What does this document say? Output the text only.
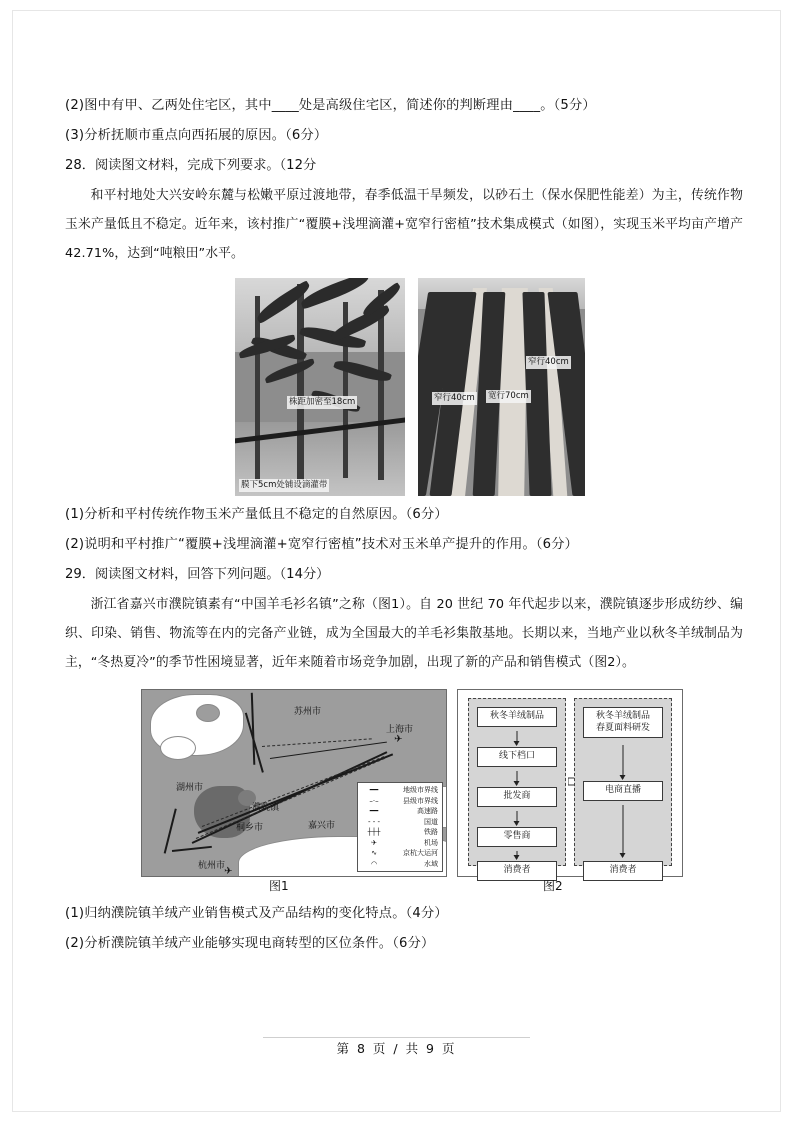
(2)图中有甲、乙两处住宅区，其中____处是高级住宅区，简述你的判断理由____。（5分）
(3)分析抚顺市重点向西拓展的原因。（6分）
28．阅读图文材料，完成下列要求。（12分

和平村地处大兴安岭东麓与松嫩平原过渡地带，春季低温干旱频发，以砂石土（保水保肥性能差）为主，传统作物玉米产量低且不稳定。近年来，该村推广“覆膜+浅埋滴灌+宽窄行密植”技术集成模式（如图），实现玉米平均亩产增产 42.71%，达到“吨粮田”水平。

株距加密至18cm
膜下5cm处铺设滴灌带
窄行40cm
窄行40cm 宽行70cm
(1)分析和平村传统作物玉米产量低且不稳定的自然原因。（6分）
(2)说明和平村推广“覆膜+浅埋滴灌+宽窄行密植”技术对玉米单产提升的作用。（6分）
29．阅读图文材料，回答下列问题。（14分）

浙江省嘉兴市濮院镇素有“中国羊毛衫名镇”之称（图1）。自 20 世纪 70 年代起步以来，濮院镇逐步形成纺纱、编织、印染、销售、物流等在内的完备产业链，成为全国最大的羊毛衫集散基地。长期以来，当地产业以秋冬羊绒制品为主，“冬热夏冷”的季节性困境显著，近年来随着市场竞争加剧，出现了新的产品和销售模式（图2）。

苏州市
上海市
湖州市
濮院镇
桐乡市	嘉兴市
杭州市
✈
✈
━━	地级市界线
–·–	县级市界线
━━	高速路
- - -	国道
┼┼┼	铁路
✈	机场
∿	京杭大运河
◠	水域
秋冬羊绒制品
线下档口
批发商
零售商
消费者
秋冬羊绒制品
春夏面料研发
电商直播
消费者
图1	图2
(1)归纳濮院镇羊绒产业销售模式及产品结构的变化特点。（4分）
(2)分析濮院镇羊绒产业能够实现电商转型的区位条件。（6分）
第 8 页 / 共 9 页
